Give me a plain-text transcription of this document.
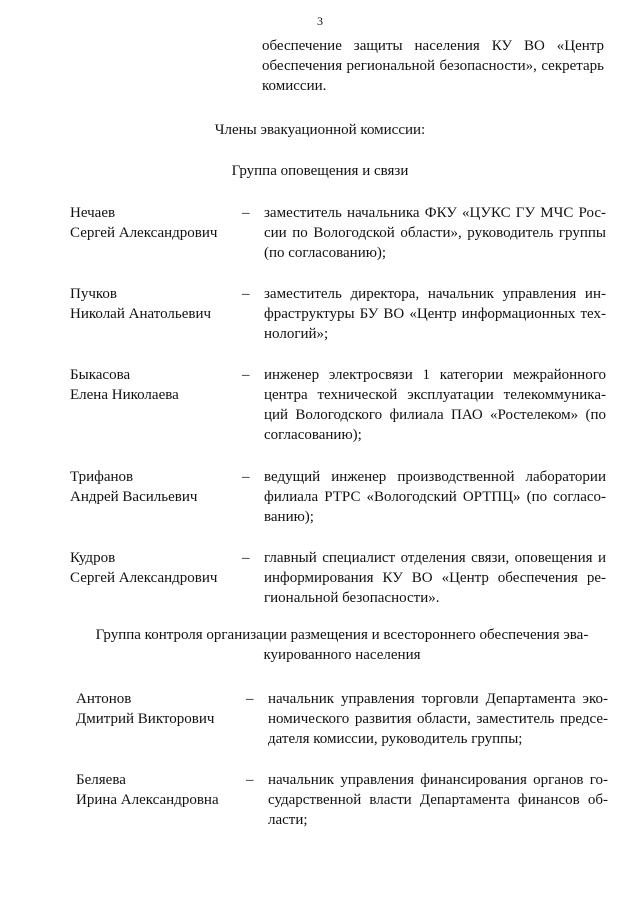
3
обеспечение защиты населения КУ ВО «Центр
обеспечения региональной безопасности», секретарь
комиссии.
Члены эвакуационной комиссии:
Группа оповещения и связи
Нечаев
Сергей Александрович
– заместитель начальника ФКУ «ЦУКС ГУ МЧС Рос-
сии по Вологодской области», руководитель группы
(по согласованию);
Пучков
Николай Анатольевич
– заместитель директора, начальник управления ин-
фраструктуры БУ ВО «Центр информационных тех-
нологий»;
Быкасова
Елена Николаева
– инженер электросвязи 1 категории межрайонного
центра технической эксплуатации телекоммуника-
ций Вологодского филиала ПАО «Ростелеком» (по
согласованию);
Трифанов
Андрей Васильевич
– ведущий инженер производственной лаборатории
филиала РТРС «Вологодский ОРТПЦ» (по согласо-
ванию);
Кудров
Сергей Александрович
– главный специалист отделения связи, оповещения и
информирования КУ ВО «Центр обеспечения ре-
гиональной безопасности».
Группа контроля организации размещения и всестороннего обеспечения эва-
куированного населения
Антонов
Дмитрий Викторович
– начальник управления торговли Департамента эко-
номического развития области, заместитель предсе-
дателя комиссии, руководитель группы;
Беляева
Ирина Александровна
– начальник управления финансирования органов го-
сударственной власти Департамента финансов об-
ласти;
